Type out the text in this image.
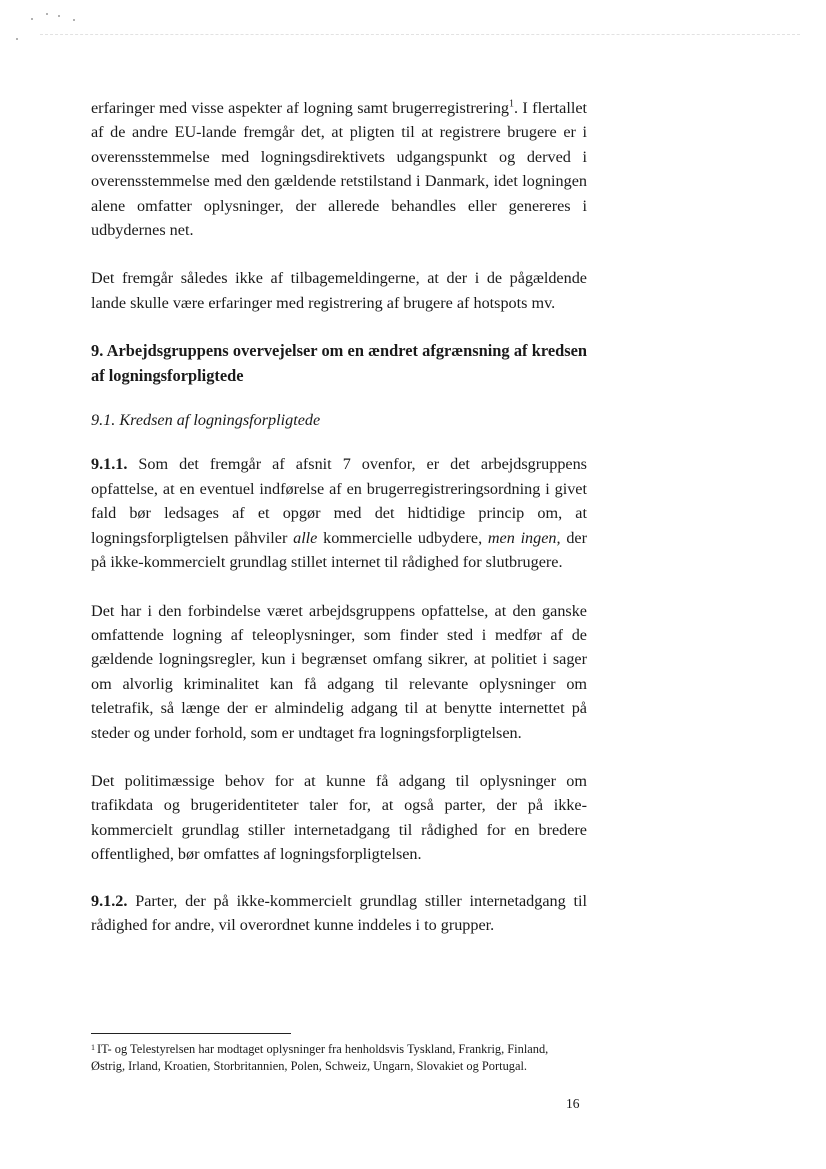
erfaringer med visse aspekter af logning samt brugerregistrering$^1$. I flertallet af de andre EU-lande fremgår det, at pligten til at registrere brugere er i overensstemmelse med logningsdirektivets udgangspunkt og derved i overensstemmelse med den gældende retstilstand i Danmark, idet logningen alene omfatter oplysninger, der allerede behandles eller genereres i udbydernes net.

Det fremgår således ikke af tilbagemeldingerne, at der i de pågældende lande skulle være erfaringer med registrering af brugere af hotspots mv.

9. Arbejdsgruppens overvejelser om en ændret afgrænsning af kredsen af logningsforpligtede

9.1. Kredsen af logningsforpligtede

9.1.1. Som det fremgår af afsnit 7 ovenfor, er det arbejdsgruppens opfattelse, at en eventuel indførelse af en brugerregistreringsordning i givet fald bør ledsages af et opgør med det hidtidige princip om, at logningsforpligtelsen påhviler alle kommercielle udbydere, men ingen, der på ikke-kommercielt grundlag stillet internet til rådighed for slutbrugere.

Det har i den forbindelse været arbejdsgruppens opfattelse, at den ganske omfattende logning af teleoplysninger, som finder sted i medfør af de gældende logningsregler, kun i begrænset omfang sikrer, at politiet i sager om alvorlig kriminalitet kan få adgang til relevante oplysninger om teletrafik, så længe der er almindelig adgang til at benytte internettet på steder og under forhold, som er undtaget fra logningsforpligtelsen.

Det politimæssige behov for at kunne få adgang til oplysninger om trafikdata og brugeridentiteter taler for, at også parter, der på ikke-kommercielt grundlag stiller internetadgang til rådighed for en bredere offentlighed, bør omfattes af logningsforpligtelsen.

9.1.2. Parter, der på ikke-kommercielt grundlag stiller internetadgang til rådighed for andre, vil overordnet kunne inddeles i to grupper.

$^1$ IT- og Telestyrelsen har modtaget oplysninger fra henholdsvis Tyskland, Frankrig, Finland, Østrig, Irland, Kroatien, Storbritannien, Polen, Schweiz, Ungarn, Slovakiet og Portugal.
16
